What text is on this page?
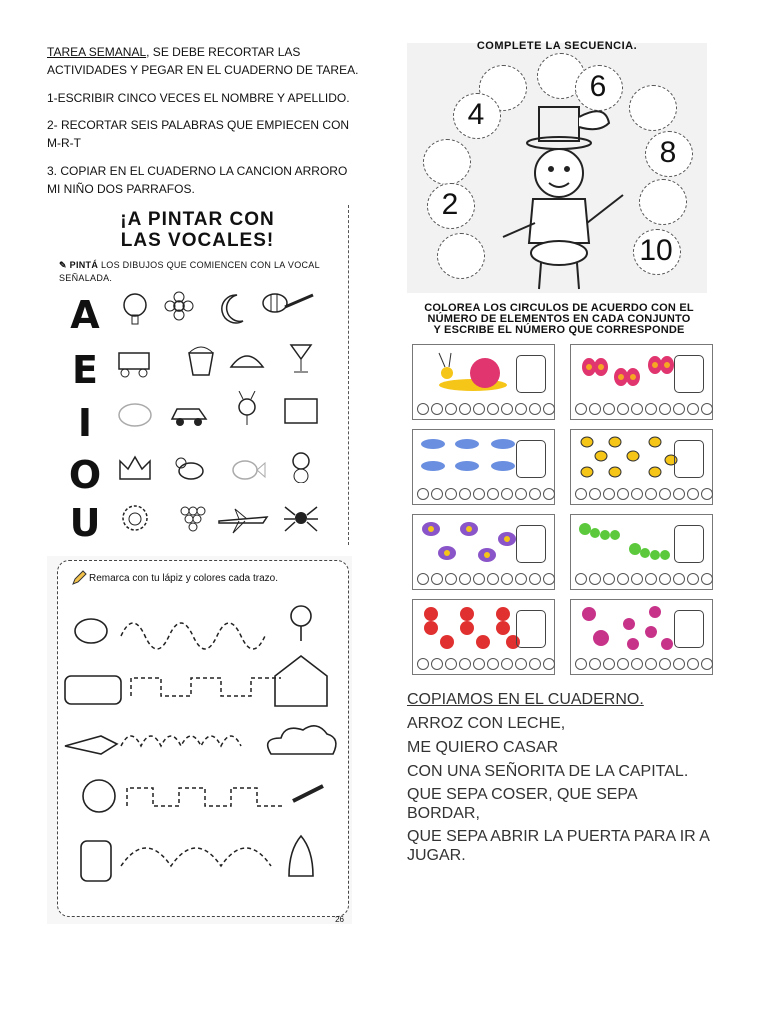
TAREA SEMANAL, SE DEBE RECORTAR LAS ACTIVIDADES Y PEGAR EN EL CUADERNO DE TAREA.
1-ESCRIBIR CINCO VECES EL NOMBRE Y APELLIDO.
2- RECORTAR SEIS PALABRAS QUE EMPIECEN CON M-R-T
3. COPIAR EN EL CUADERNO LA CANCION ARRORO MI NIÑO DOS PARRAFOS.
¡A PINTAR CON
LAS VOCALES!
✎ PINTÁ LOS DIBUJOS QUE COMIENCEN CON LA VOCAL SEÑALADA.
A
E
I
O
U
Remarca con tu lápiz y colores cada trazo.
26
COMPLETE LA SECUENCIA.
6
4
8
2
10
COLOREA LOS CIRCULOS DE ACUERDO CON EL
NÚMERO DE ELEMENTOS EN CADA CONJUNTO
Y ESCRIBE EL NÚMERO QUE CORRESPONDE
COPIAMOS EN EL CUADERNO.
ARROZ CON LECHE,
ME QUIERO CASAR
CON UNA SEÑORITA DE LA CAPITAL.
QUE SEPA COSER, QUE SEPA BORDAR,
QUE SEPA ABRIR LA PUERTA PARA IR A JUGAR.
